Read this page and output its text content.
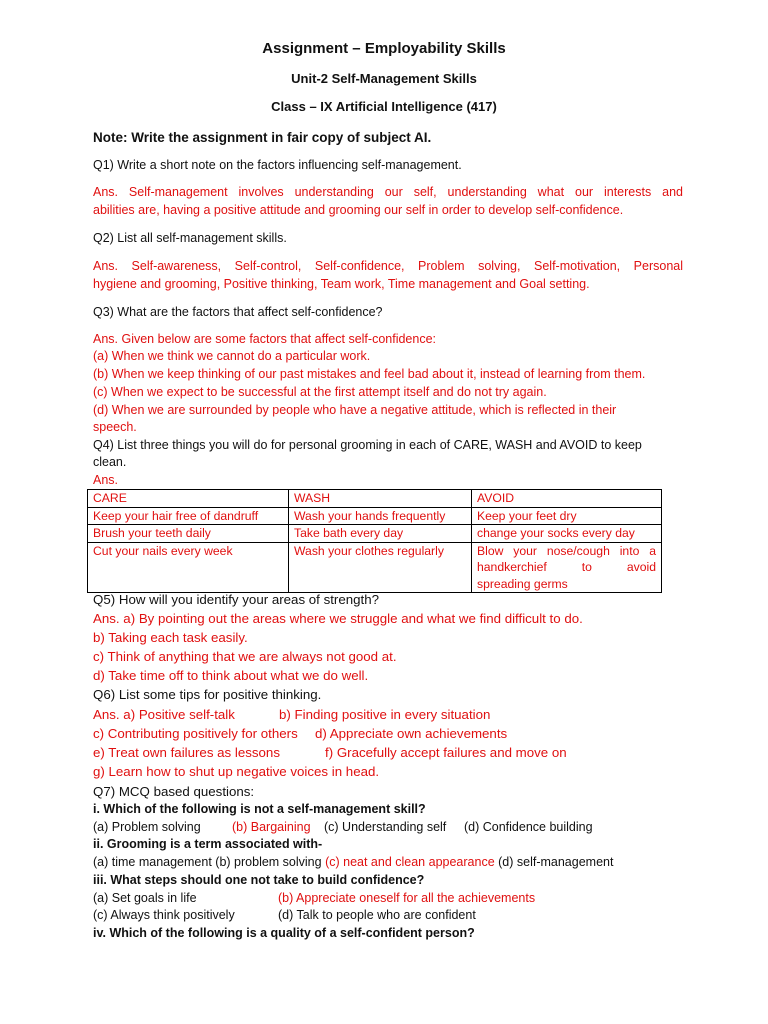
Assignment – Employability Skills
Unit-2 Self-Management Skills
Class – IX Artificial Intelligence (417)
Note: Write the assignment in fair copy of subject AI.
Q1) Write a short note on the factors influencing self-management.
Ans. Self-management involves understanding our self, understanding what our interests and
abilities are, having a positive attitude and grooming our self in order to develop self-confidence.
Q2) List all self-management skills.
Ans. Self-awareness, Self-control, Self-confidence, Problem solving, Self-motivation, Personal
hygiene and grooming, Positive thinking, Team work, Time management and Goal setting.
Q3) What are the factors that affect self-confidence?
Ans. Given below are some factors that affect self-confidence:
(a) When we think we cannot do a particular work.
(b) When we keep thinking of our past mistakes and feel bad about it, instead of learning from them.
(c) When we expect to be successful at the first attempt itself and do not try again.
(d) When we are surrounded by people who have a negative attitude, which is reflected in their
speech.
Q4) List three things you will do for personal grooming in each of CARE, WASH and AVOID to keep
clean.
Ans.
CARE	WASH	AVOID
Keep your hair free of dandruff	Wash your hands frequently	Keep your feet dry
Brush your teeth daily	Take bath every day	change your socks every day
Cut your nails every week	Wash your clothes regularly	Blow your nose/cough into a
handkerchief to avoid
spreading germs
Q5) How will you identify your areas of strength?
Ans. a) By pointing out the areas where we struggle and what we find difficult to do.
b) Taking each task easily.
c) Think of anything that we are always not good at.
d) Take time off to think about what we do well.
Q6) List some tips for positive thinking.
Ans. a) Positive self-talk	b) Finding positive in every situation
c) Contributing positively for others d) Appreciate own achievements
e) Treat own failures as lessons	f) Gracefully accept failures and move on
g) Learn how to shut up negative voices in head.
Q7) MCQ based questions:
i. Which of the following is not a self-management skill?
(a) Problem solving	(b) Bargaining (c) Understanding self (d) Confidence building
ii. Grooming is a term associated with-
(a) time management (b) problem solving (c) neat and clean appearance (d) self-management
iii. What steps should one not take to build confidence?
(a) Set goals in life	(b) Appreciate oneself for all the achievements
(c) Always think positively	(d) Talk to people who are confident
iv. Which of the following is a quality of a self-confident person?
